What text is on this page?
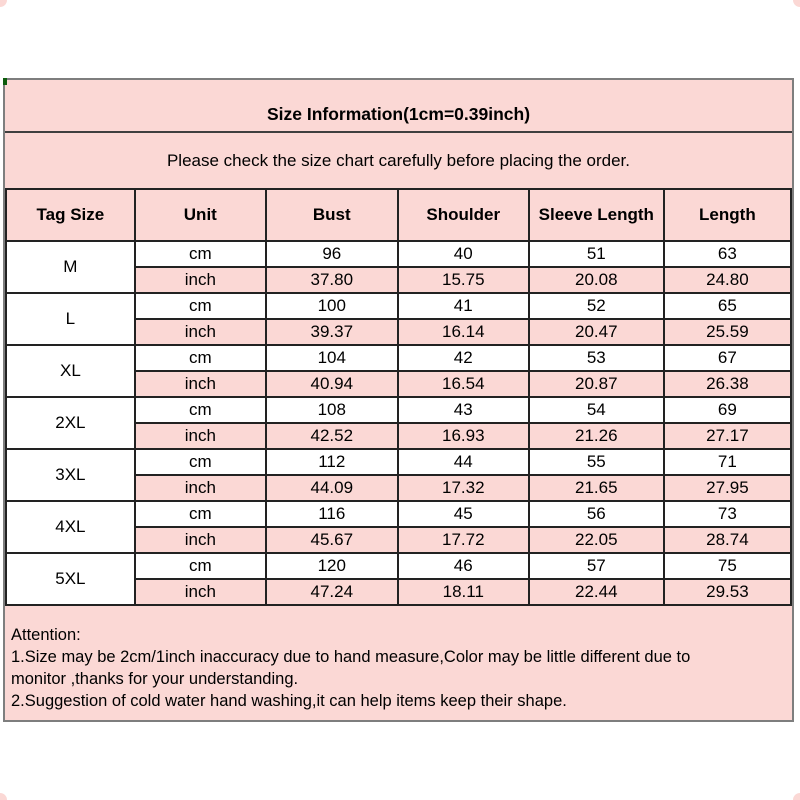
Size Information(1cm=0.39inch)
Please check the size chart carefully before placing the order.
Tag Size	Unit	Bust	Shoulder	Sleeve Length	Length
M	cm	96	40	51	63
	inch	37.80	15.75	20.08	24.80
L	cm	100	41	52	65
	inch	39.37	16.14	20.47	25.59
XL	cm	104	42	53	67
	inch	40.94	16.54	20.87	26.38
2XL	cm	108	43	54	69
	inch	42.52	16.93	21.26	27.17
3XL	cm	112	44	55	71
	inch	44.09	17.32	21.65	27.95
4XL	cm	116	45	56	73
	inch	45.67	17.72	22.05	28.74
5XL	cm	120	46	57	75
	inch	47.24	18.11	22.44	29.53
Attention:
1.Size may be 2cm/1inch inaccuracy due to hand measure,Color may be little different due to
monitor ,thanks for your understanding.
2.Suggestion of cold water hand washing,it can help items keep their shape.
